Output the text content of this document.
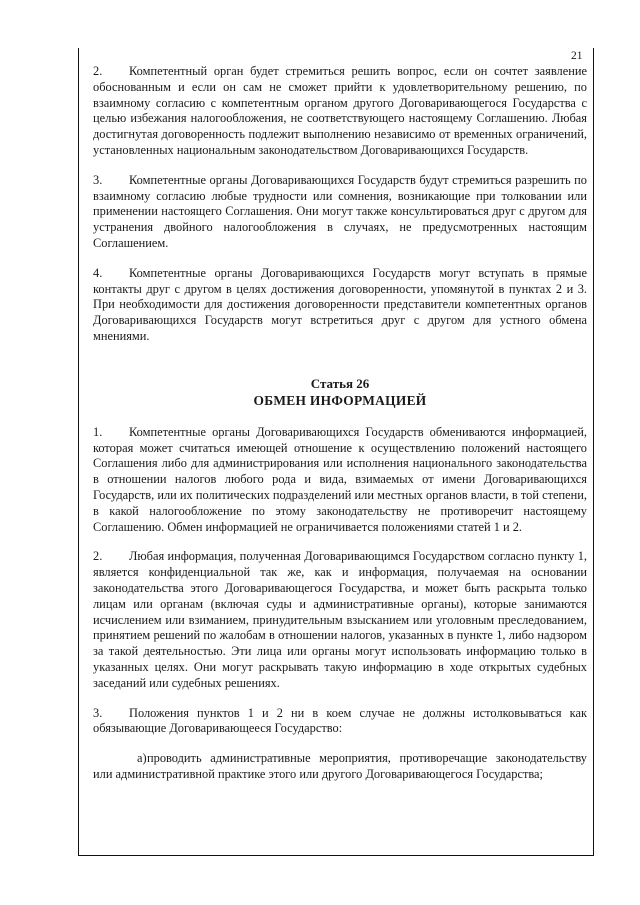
21

2. Компетентный орган будет стремиться решить вопрос, если он сочтет заявление обоснованным и если он сам не сможет прийти к удовлетворительному решению, по взаимному согласию с компетентным органом другого Договаривающегося Государства с целью избежания налогообложения, не соответствующего настоящему Соглашению. Любая достигнутая договоренность подлежит выполнению независимо от временных ограничений, установленных национальным законодательством Договаривающихся Государств.

3. Компетентные органы Договаривающихся Государств будут стремиться разрешить по взаимному согласию любые трудности или сомнения, возникающие при толковании или применении настоящего Соглашения. Они могут также консультироваться друг с другом для устранения двойного налогообложения в случаях, не предусмотренных настоящим Соглашением.

4. Компетентные органы Договаривающихся Государств могут вступать в прямые контакты друг с другом в целях достижения договоренности, упомянутой в пунктах 2 и 3. При необходимости для достижения договоренности представители компетентных органов Договаривающихся Государств могут встретиться друг с другом для устного обмена мнениями.

Статья 26

ОБМЕН ИНФОРМАЦИЕЙ

1. Компетентные органы Договаривающихся Государств обмениваются информацией, которая может считаться имеющей отношение к осуществлению положений настоящего Соглашения либо для администрирования или исполнения национального законодательства в отношении налогов любого рода и вида, взимаемых от имени Договаривающихся Государств, или их политических подразделений или местных органов власти, в той степени, в какой налогообложение по этому законодательству не противоречит настоящему Соглашению. Обмен информацией не ограничивается положениями статей 1 и 2.

2. Любая информация, полученная Договаривающимся Государством согласно пункту 1, является конфиденциальной так же, как и информация, получаемая на основании законодательства этого Договаривающегося Государства, и может быть раскрыта только лицам или органам (включая суды и административные органы), которые занимаются исчислением или взиманием, принудительным взысканием или уголовным преследованием, принятием решений по жалобам в отношении налогов, указанных в пункте 1, либо надзором за такой деятельностью. Эти лица или органы могут использовать информацию только в указанных целях. Они могут раскрывать такую информацию в ходе открытых судебных заседаний или судебных решениях.

3. Положения пунктов 1 и 2 ни в коем случае не должны истолковываться как обязывающие Договаривающееся Государство:

а)проводить административные мероприятия, противоречащие законодательству или административной практике этого или другого Договаривающегося Государства;
